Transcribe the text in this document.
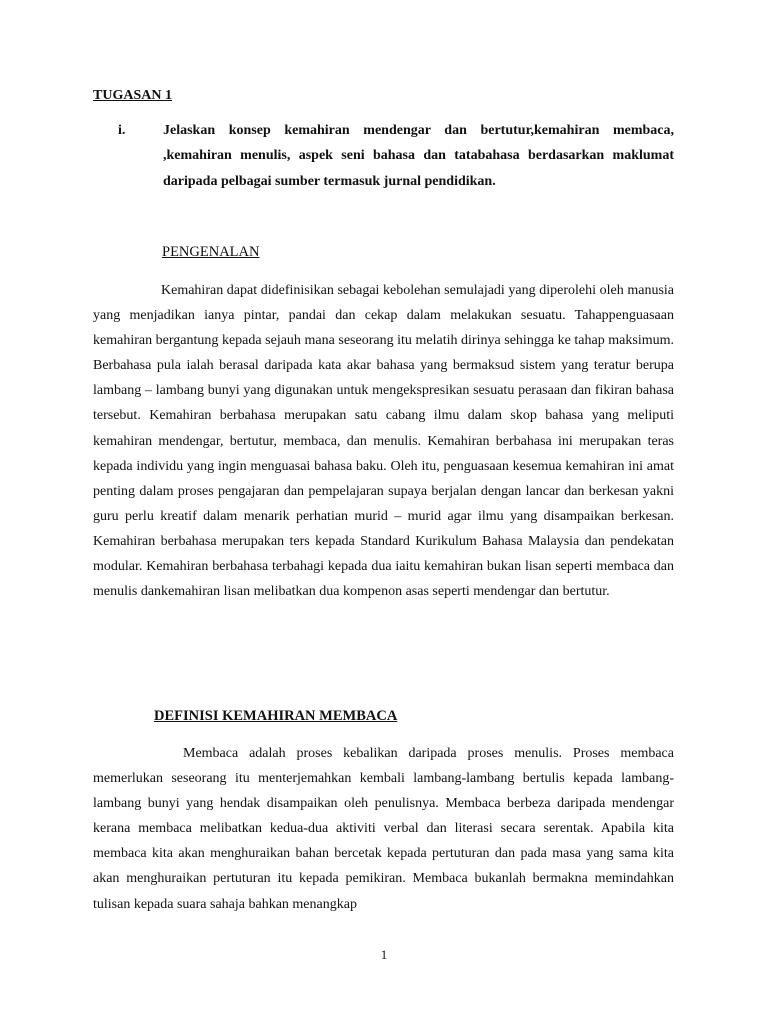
TUGASAN 1
i.	Jelaskan konsep kemahiran mendengar dan bertutur,kemahiran membaca, ,kemahiran menulis, aspek seni bahasa dan tatabahasa berdasarkan maklumat daripada pelbagai sumber termasuk jurnal pendidikan.
PENGENALAN

Kemahiran dapat didefinisikan sebagai kebolehan semulajadi yang diperolehi oleh manusia yang menjadikan ianya pintar, pandai dan cekap dalam melakukan sesuatu. Tahappenguasaan kemahiran bergantung kepada sejauh mana seseorang itu melatih dirinya sehingga ke tahap maksimum. Berbahasa pula ialah berasal daripada kata akar bahasa yang bermaksud sistem yang teratur berupa lambang – lambang bunyi yang digunakan untuk mengekspresikan sesuatu perasaan dan fikiran bahasa tersebut. Kemahiran berbahasa merupakan satu cabang ilmu dalam skop bahasa yang meliputi kemahiran mendengar, bertutur, membaca, dan menulis. Kemahiran berbahasa ini merupakan teras kepada individu yang ingin menguasai bahasa baku. Oleh itu, penguasaan kesemua kemahiran ini amat penting dalam proses pengajaran dan pempelajaran supaya berjalan dengan lancar dan berkesan yakni guru perlu kreatif dalam menarik perhatian murid – murid agar ilmu yang disampaikan berkesan. Kemahiran berbahasa merupakan ters kepada Standard Kurikulum Bahasa Malaysia dan pendekatan modular. Kemahiran berbahasa terbahagi kepada dua iaitu kemahiran bukan lisan seperti membaca dan menulis dankemahiran lisan melibatkan dua kompenon asas seperti mendengar dan bertutur.

DEFINISI KEMAHIRAN MEMBACA

Membaca adalah proses kebalikan daripada proses menulis. Proses membaca memerlukan seseorang itu menterjemahkan kembali lambang-lambang bertulis kepada lambang-lambang bunyi yang hendak disampaikan oleh penulisnya. Membaca berbeza daripada mendengar kerana membaca melibatkan kedua-dua aktiviti verbal dan literasi secara serentak. Apabila kita membaca kita akan menghuraikan bahan bercetak kepada pertuturan dan pada masa yang sama kita akan menghuraikan pertuturan itu kepada pemikiran. Membaca bukanlah bermakna memindahkan tulisan kepada suara sahaja bahkan menangkap

1
